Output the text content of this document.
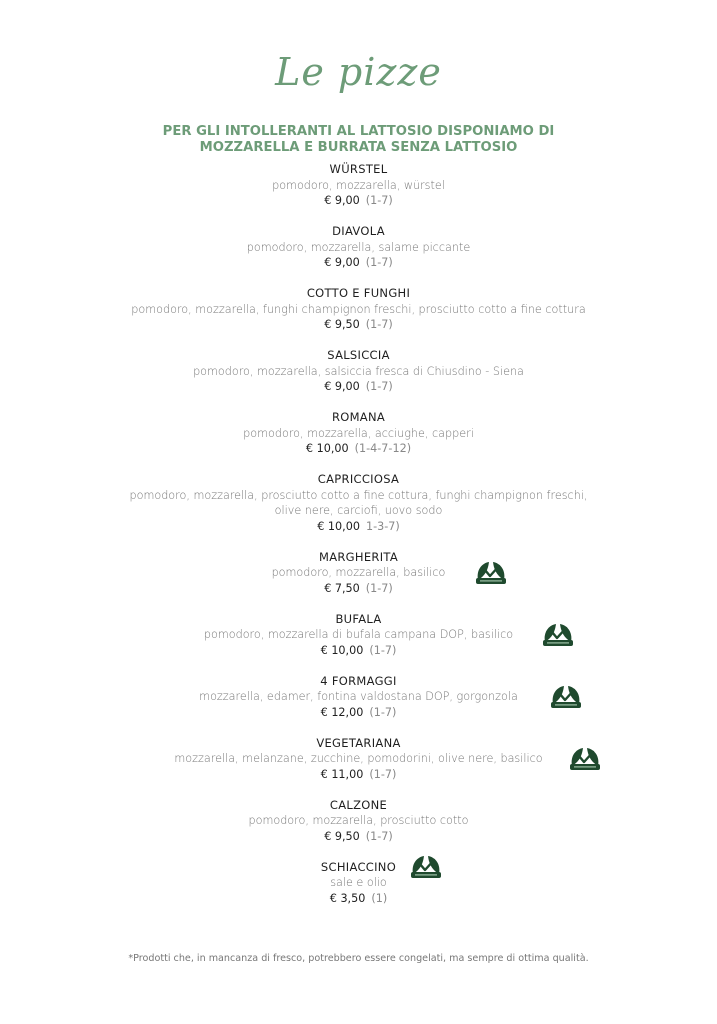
Le pizze
PER GLI INTOLLERANTI AL LATTOSIO DISPONIAMO DI
MOZZARELLA E BURRATA SENZA LATTOSIO
WÜRSTEL
pomodoro, mozzarella, würstel
€ 9,00 (1-7)
DIAVOLA
pomodoro, mozzarella, salame piccante
€ 9,00 (1-7)
COTTO E FUNGHI
pomodoro, mozzarella, funghi champignon freschi, prosciutto cotto a fine cottura
€ 9,50 (1-7)
SALSICCIA
pomodoro, mozzarella, salsiccia fresca di Chiusdino - Siena
€ 9,00 (1-7)
ROMANA
pomodoro, mozzarella, acciughe, capperi
€ 10,00 (1-4-7-12)
CAPRICCIOSA
pomodoro, mozzarella, prosciutto cotto a fine cottura, funghi champignon freschi,
olive nere, carciofi, uovo sodo
€ 10,00 1-3-7)
MARGHERITA
pomodoro, mozzarella, basilico
€ 7,50 (1-7)
BUFALA
pomodoro, mozzarella di bufala campana DOP, basilico
€ 10,00 (1-7)
4 FORMAGGI
mozzarella, edamer, fontina valdostana DOP, gorgonzola
€ 12,00 (1-7)
VEGETARIANA
mozzarella, melanzane, zucchine, pomodorini, olive nere, basilico
€ 11,00 (1-7)
CALZONE
pomodoro, mozzarella, prosciutto cotto
€ 9,50 (1-7)
SCHIACCINO
sale e olio
€ 3,50 (1)
*Prodotti che, in mancanza di fresco, potrebbero essere congelati, ma sempre di ottima qualità.
